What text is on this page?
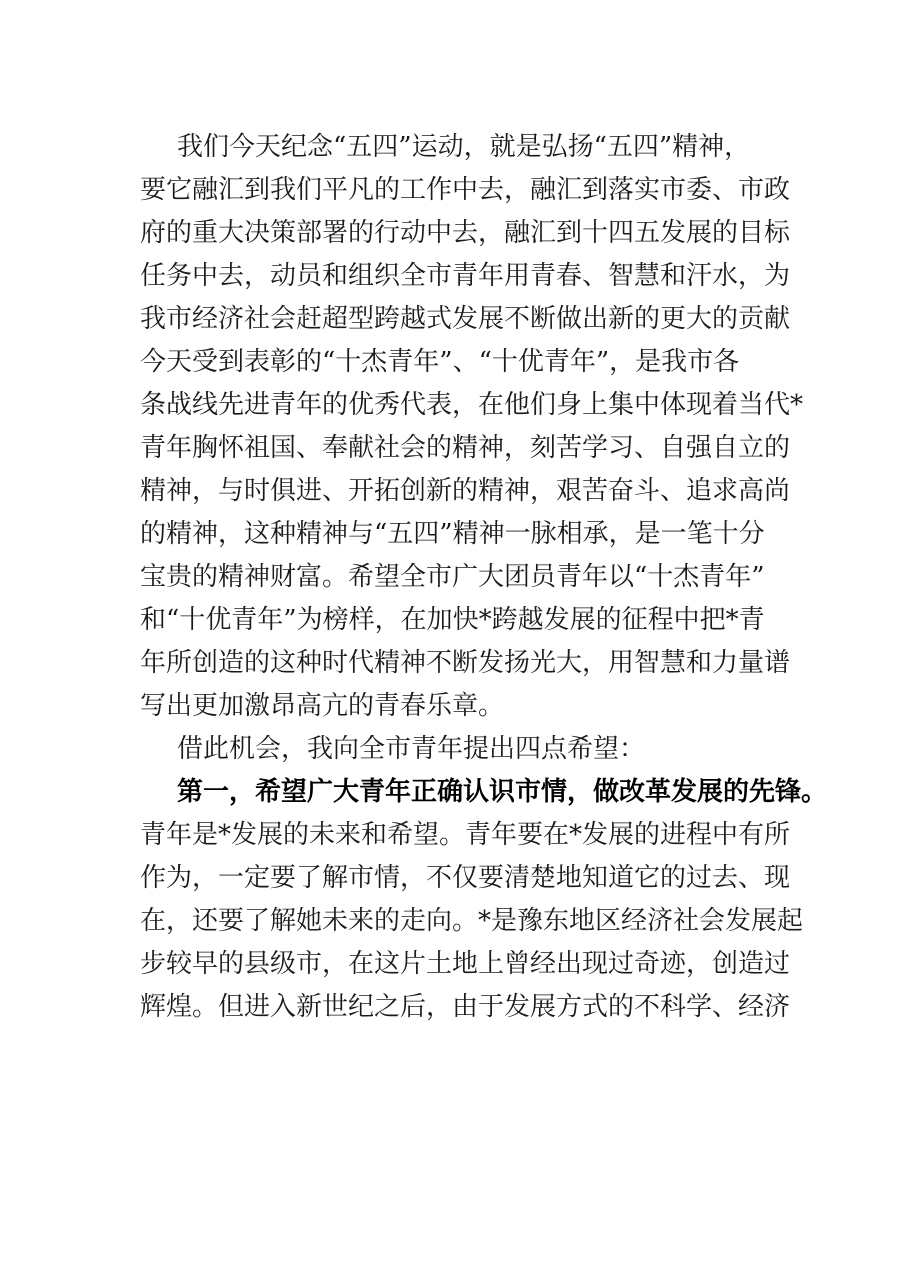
我们今天纪念“五四”运动，就是弘扬“五四”精神，
要它融汇到我们平凡的工作中去，融汇到落实市委、市政
府的重大决策部署的行动中去，融汇到十四五发展的目标
任务中去，动员和组织全市青年用青春、智慧和汗水，为
我市经济社会赶超型跨越式发展不断做出新的更大的贡献
今天受到表彰的“十杰青年”、“十优青年”，是我市各
条战线先进青年的优秀代表，在他们身上集中体现着当代*
青年胸怀祖国、奉献社会的精神，刻苦学习、自强自立的
精神，与时俱进、开拓创新的精神，艰苦奋斗、追求高尚
的精神，这种精神与“五四”精神一脉相承，是一笔十分
宝贵的精神财富。希望全市广大团员青年以“十杰青年”
和“十优青年”为榜样，在加快*跨越发展的征程中把*青
年所创造的这种时代精神不断发扬光大，用智慧和力量谱
写出更加激昂高亢的青春乐章。
借此机会，我向全市青年提出四点希望：
第一，希望广大青年正确认识市情，做改革发展的先锋。
青年是*发展的未来和希望。青年要在*发展的进程中有所
作为，一定要了解市情，不仅要清楚地知道它的过去、现
在，还要了解她未来的走向。*是豫东地区经济社会发展起
步较早的县级市，在这片土地上曾经出现过奇迹，创造过
辉煌。但进入新世纪之后，由于发展方式的不科学、经济
